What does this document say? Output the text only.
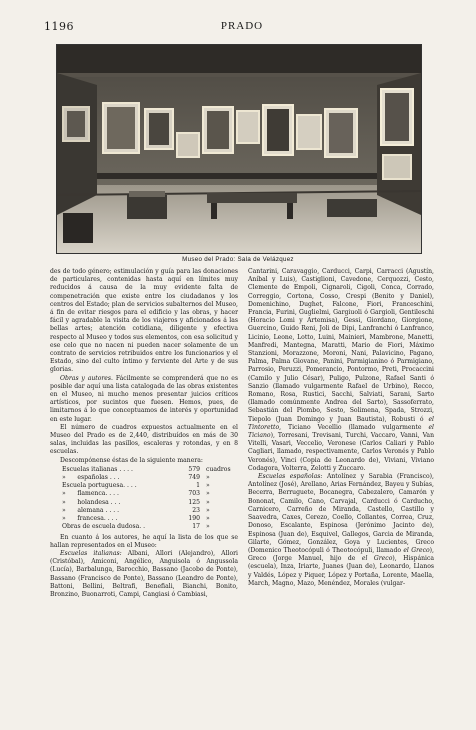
1196	PRADO
Museo del Prado: Sala de Velázquez

des de todo género; estimulación y guía para las donaciones de particulares, contenidas hasta aquí en límites muy reducidos á causa de la muy evidente falta de compenetración que existe entre los ciudadanos y los centros del Estado; plan de servicios subalternos del Museo, á fin de evitar riesgos para el edificio y las obras, y hacer fácil y agradable la visita de los viajeros y aficionados á las bellas artes; atención cotidiana, diligente y efectiva respecto al Museo y todos sus elementos, con esa solicitud y ese celo que no nacen ni pueden nacer solamente de un contrato de servicios retribuidos entre los funcionarios y el Estado, sino del culto íntimo y ferviente del Arte y de sus glorias.

Obras y autores. Fácilmente se comprenderá que no es posible dar aquí una lista catalogada de las obras existentes en el Museo, ni mucho menos presentar juicios críticos artísticos, por sucintos que fuesen. Hemos, pues, de limitarnos á lo que conceptuamos de interés y oportunidad en este lugar.

El número de cuadros expuestos actualmente en el Museo del Prado es de 2,440, distribuídos en más de 30 salas, incluidas las pasillos, escaleras y rotondas, y en 8 escuelas.

Descompónense éstas de la siguiente manera:

Escuelas italianas . . . .	579 cuadros
»      españolas . . .	749 »
Escuela portuguesa. . . .	1 »
»      flamenca. . . .	703 »
»      holandesa . . .	125 »
»      alemana . . . .	23 »
»      francesa. . . .	190 »
Obras de escuela dudosa. .	17 »

En cuanto á los autores, he aquí la lista de los que se hallan representados en el Museo:

Escuelas italianas: Albani, Allori (Alejandro), Allori (Cristóbal), Amiconi, Angélico, Anguisola ó Angussola (Lucía), Barbalunga, Barocchio, Bassano (Jacobo de Ponte), Bassano (Francisco de Ponte), Bassano (Leandro de Ponte), Battoni, Bellini, Beltrafi, Benefiali, Bianchi, Bonito, Bronzino, Buonarroti, Campi, Cangiasi ó Cambiasi,

Cantarini, Caravaggio, Carducci, Carpi, Carracci (Agustín, Aníbal y Luis), Castiglioni, Cavedone, Cerquozzi, Cesto, Clemente de Empoli, Cignaroli, Cigoli, Conca, Corrado, Correggio, Cortona, Cosso, Crespi (Benito y Daniel), Domenichino, Dughet, Falcone, Fiori, Franceschini, Francia, Furini, Guglielmi, Gargiuoli ó Gargioli, Gentileschi (Horacio Lomi y Artemisa), Gessi, Giordano, Giorgione, Guercino, Guido Reni, Joli de Dipi, Lanfranchi ó Lanfranco, Licinio, Leone, Lotto, Luini, Mainieri, Mambrone, Manetti, Manfredi, Mantegna, Maratti, Mario de Fiori, Máximo Stanzioni, Morazzone, Moroni, Nani, Palavicino, Pagano, Palma, Palma Giovane, Panini, Parmigianino ó Parmigiano, Parrosio, Peruzzi, Pomerancio, Pontormo, Preti, Procaccini (Camilo y Julio César), Puligo, Pulzone, Rafael Santi ó Sanzio (llamado vulgarmente Rafael de Urbino), Recco, Romano, Rosa, Rustici, Sacchi, Salviati, Sarani, Sarto (llamado comúnmente Andrea del Sarto), Sassoferrato, Sebastián del Piombo, Sesto, Solimena, Spada, Strozzi, Tiepolo (Juan Domingo y Juan Bautista), Robusti ó el Tintoretto, Ticiano Vecellio (llamado vulgarmente el Ticiano), Torresani, Trevisani, Turchi, Vaccaro, Vanni, Van Vitelli, Vasari, Veccelio, Veronese (Carlos Caliari y Pablo Cagliari, llamado, respectivamente, Carlos Veronés y Pablo Veronés), Vinci (Copia de Leonardo de), Viviani, Viviano Codagora, Volterra, Zelotti y Zuccaro.

Escuelas españolas: Antolínez y Sarabia (Francisco), Antolínez (José), Arellano, Arias Fernández, Bayeu y Subías, Becerra, Berruguete, Bocanegra, Cabezalero, Camarón y Bononat, Camilo, Cano, Carvajal, Carducci ó Carducho, Carnicero, Carreño de Miranda, Castello, Castillo y Saavedra, Caxes, Cerezo, Coello, Collantes, Correa, Cruz, Donoso, Escalante, Espinosa (Jerónimo Jacinto de), Espinosa (Juan de), Esquivel, Gallegos, Garcia de Miranda, Gilarte, Gómez, González, Goya y Lucientes, Greco (Domenico Theotocópuli ó Theotocópuli, llamado el Greco), Greco (Jorge Manuel, hijo de el Greco), Hispánica (escuela), Inza, Iriarte, Juanes (Juan de), Leonardo, Llanos y Valdés, López y Piquer, López y Portaña, Lorente, Maella, March, Magno, Mazo, Menéndez, Morales (vulgar-
